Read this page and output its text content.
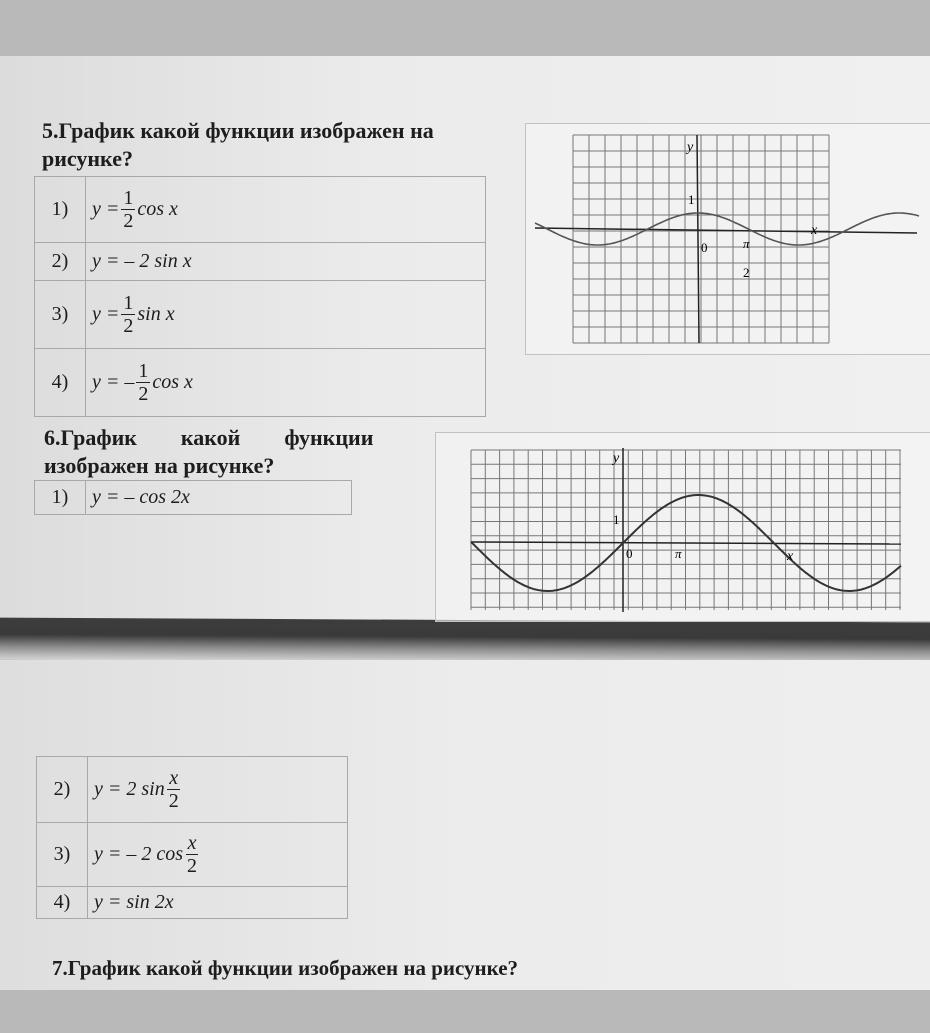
5.График какой функции изображен на
рисунке?
1)	$y = \frac{1}{2}$ cos x

2)	y = – 2 sin x
3)	$y = \frac{1}{2}$ sin x

4)	y = – $\frac{1}{2}$ cos x
y
x
1
0	π
2
6.График        какой        функции
изображен на рисунке?
1)	y = – cos 2x
y
x
1
0	π
2)	y = 2 $\sin \frac{x}{2}$

3)	y = – 2 $\cos \frac{x}{2}$

4)	y = sin 2x
7.График какой функции изображен на рисунке?
